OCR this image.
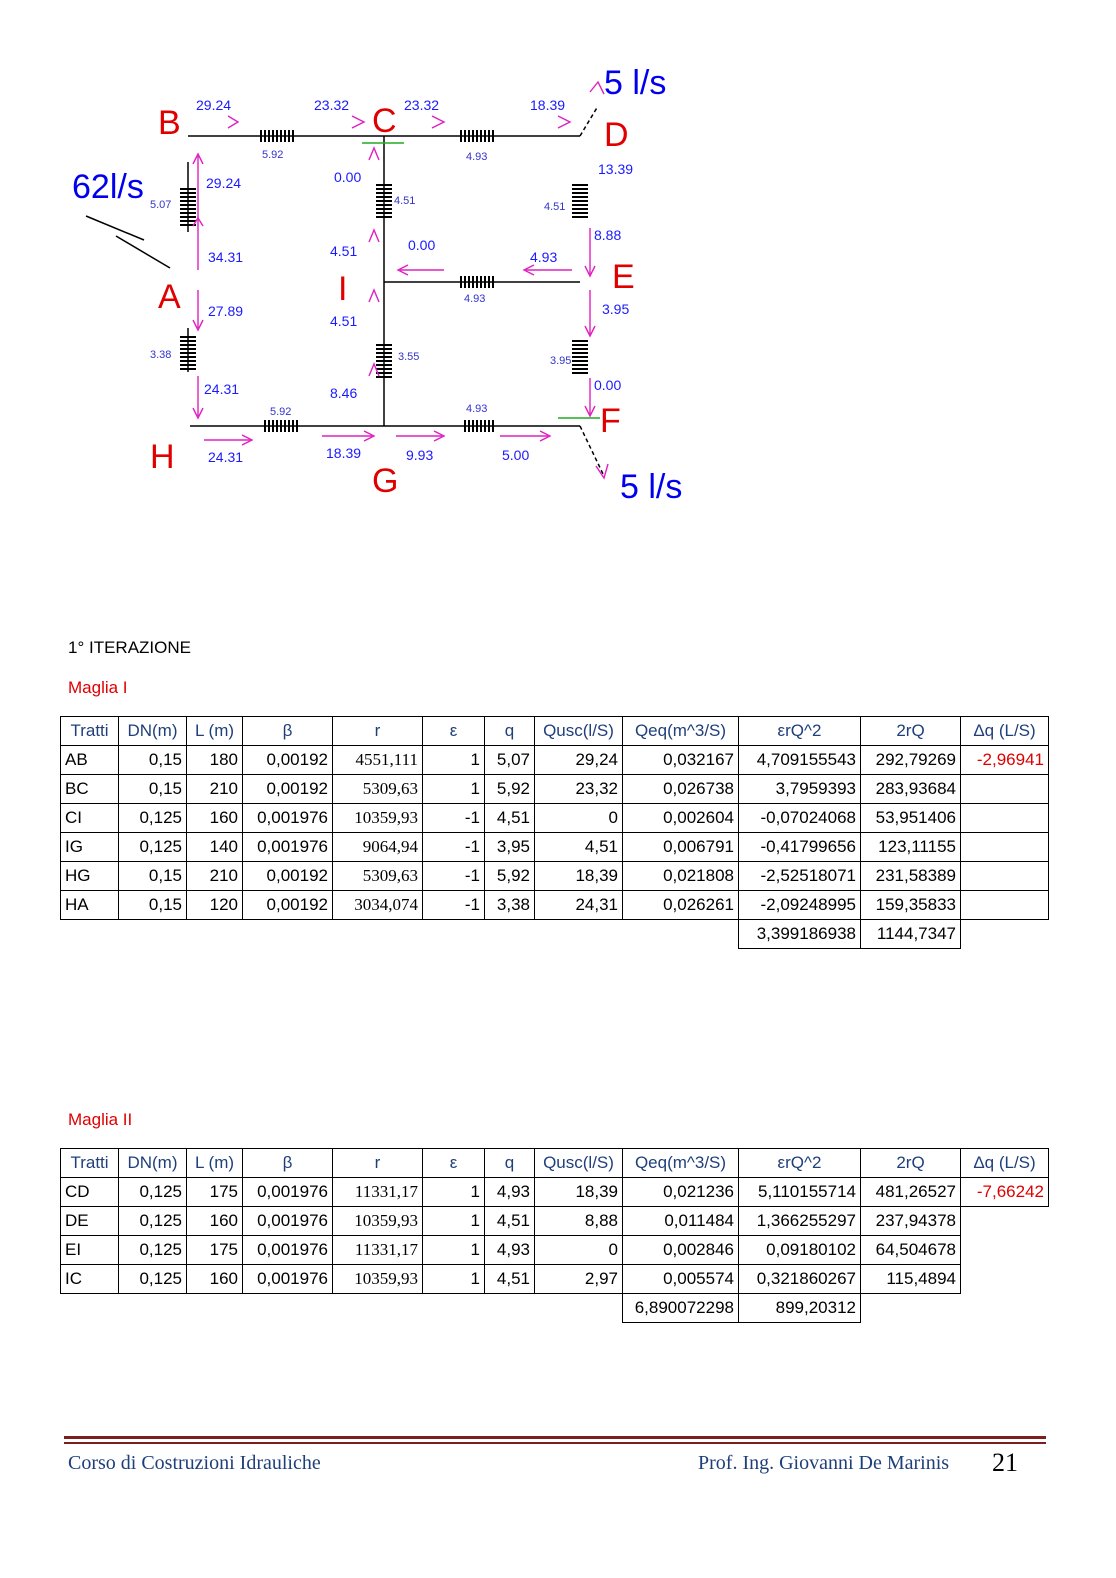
B	C	D
E
F
G
H
A	I
62l/s
5 l/s
5 l/s
29.24	23.32	23.32	18.39
29.24
34.31
27.89
24.31
0.00
4.51	0.00
4.51
8.46
13.39
8.88
4.93
3.95
0.00
24.31	18.39	9.93	5.00
5.07
5.92	4.93
4.51	4.51
4.93
3.55	3.95
3.38
5.92	4.93
1° ITERAZIONE
Maglia I
Tratti	DN(m)	L (m)	β	r	ε	q	Qusc(l/S)	Qeq(m^3/S)	εrQ^2	2rQ	Δq (L/S)
AB	0,15	180	0,00192	4551,111	1	5,07	29,24	0,032167	4,709155543	292,79269	-2,96941
BC	0,15	210	0,00192	5309,63	1	5,92	23,32	0,026738	3,7959393	283,93684	
CI	0,125	160	0,001976	10359,93	-1	4,51	0	0,002604	-0,07024068	53,951406	
IG	0,125	140	0,001976	9064,94	-1	3,95	4,51	0,006791	-0,41799656	123,11155	
HG	0,15	210	0,00192	5309,63	-1	5,92	18,39	0,021808	-2,52518071	231,58389	
HA	0,15	120	0,00192	3034,074	-1	3,38	24,31	0,026261	-2,09248995	159,35833	
									3,399186938	1144,7347	
Maglia II
Tratti	DN(m)	L (m)	β	r	ε	q	Qusc(l/S)	Qeq(m^3/S)	εrQ^2	2rQ	Δq (L/S)
CD	0,125	175	0,001976	11331,17	1	4,93	18,39	0,021236	5,110155714	481,26527	-7,66242
DE	0,125	160	0,001976	10359,93	1	4,51	8,88	0,011484	1,366255297	237,94378	
EI	0,125	175	0,001976	11331,17	1	4,93	0	0,002846	0,09180102	64,504678	
IC	0,125	160	0,001976	10359,93	1	4,51	2,97	0,005574	0,321860267	115,4894	
								6,890072298	899,20312		
Corso di Costruzioni Idrauliche	Prof. Ing. Giovanni De Marinis 21
